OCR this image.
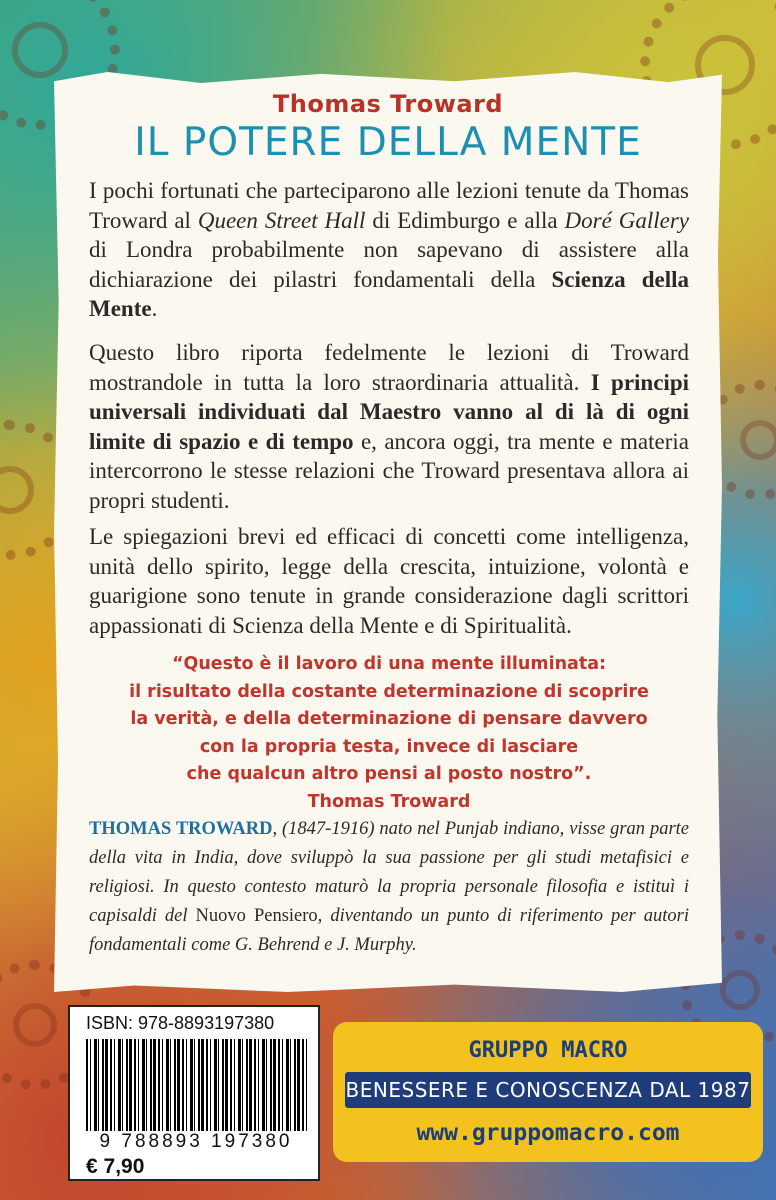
Thomas Troward
IL POTERE DELLA MENTE

I pochi fortunati che parteciparono alle lezioni tenute da Thomas Troward al Queen Street Hall di Edimburgo e alla Doré Gallery di Londra probabilmente non sapevano di assistere alla dichiarazione dei pilastri fondamentali della Scienza della Mente.

Questo libro riporta fedelmente le lezioni di Troward mostrandole in tutta la loro straordinaria attualità. I principi universali individuati dal Maestro vanno al di là di ogni limite di spazio e di tempo e, ancora oggi, tra mente e materia intercorrono le stesse relazioni che Troward presentava allora ai propri studenti.

Le spiegazioni brevi ed efficaci di concetti come intelligenza, unità dello spirito, legge della crescita, intuizione, volontà e guarigione sono tenute in grande considerazione dagli scrittori appassionati di Scienza della Mente e di Spiritualità.

“Questo è il lavoro di una mente illuminata:
il risultato della costante determinazione di scoprire
la verità, e della determinazione di pensare davvero
con la propria testa, invece di lasciare
che qualcun altro pensi al posto nostro”.
Thomas Troward

THOMAS TROWARD, (1847-1916) nato nel Punjab indiano, visse gran parte della vita in India, dove sviluppò la sua passione per gli studi metafisici e religiosi. In questo contesto maturò la propria personale filosofia e istituì i capisaldi del Nuovo Pensiero, diventando un punto di riferimento per autori fondamentali come G. Behrend e J. Murphy.

ISBN: 978-8893197380

9 788893 197380

€ 7,90

GRUPPO MACRO

BENESSERE E CONOSCENZA DAL 1987

www.gruppomacro.com
